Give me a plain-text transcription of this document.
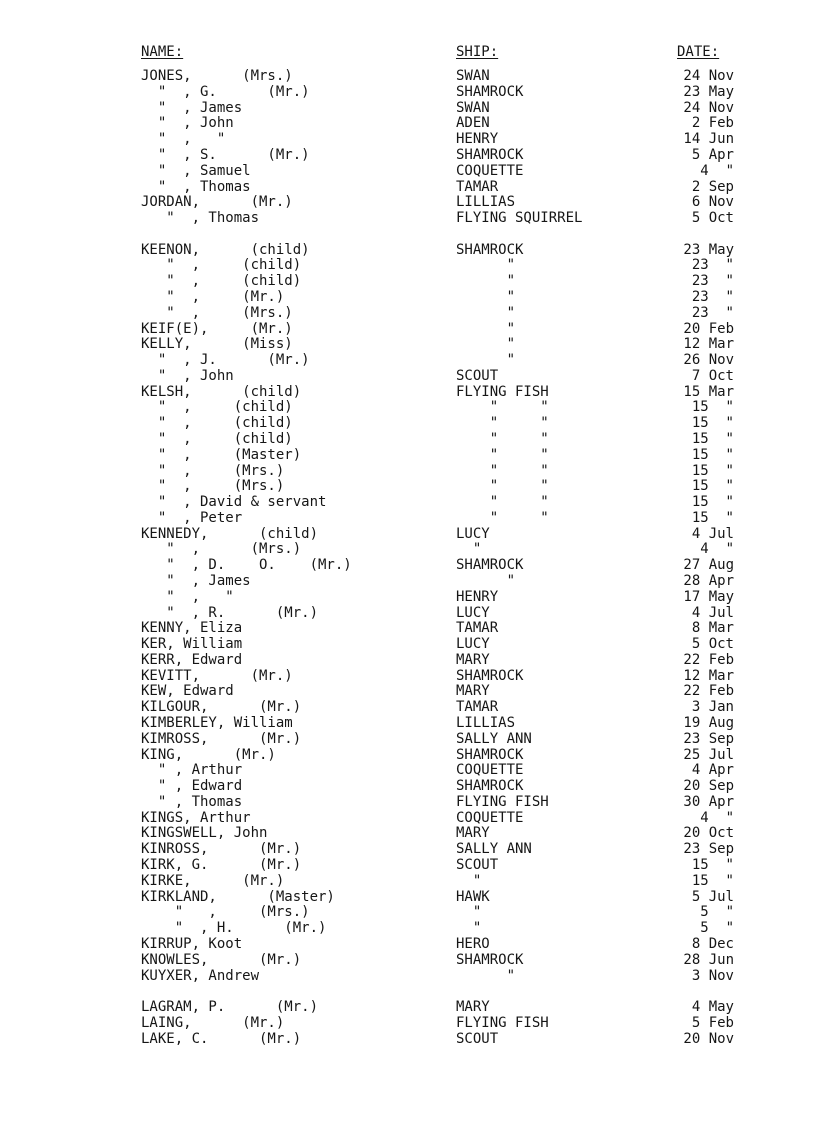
NAME:	SHIP:	DATE:
JONES,      (Mrs.)	SWAN	24 Nov
"  , G.      (Mr.)	SHAMROCK	23 May
"  , James	SWAN	24 Nov
"  , John	ADEN	2 Feb
"  ,   "	HENRY	14 Jun
"  , S.      (Mr.)	SHAMROCK	5 Apr
"  , Samuel	COQUETTE	4  "
"  , Thomas	TAMAR	2 Sep
JORDAN,      (Mr.)	LILLIAS	6 Nov
"  , Thomas	FLYING SQUIRREL	5 Oct
KEENON,      (child)	SHAMROCK	23 May
"  ,     (child)	"	23  "
"  ,     (child)	"	23  "
"  ,     (Mr.)	"	23  "
"  ,     (Mrs.)	"	23  "
KEIF(E),     (Mr.)	"	20 Feb
KELLY,      (Miss)	"	12 Mar
"  , J.      (Mr.)	"	26 Nov
"  , John	SCOUT	7 Oct
KELSH,      (child)	FLYING FISH	15 Mar
"  ,     (child)	"     "	15  "
"  ,     (child)	"     "	15  "
"  ,     (child)	"     "	15  "
"  ,     (Master)	"     "	15  "
"  ,     (Mrs.)	"     "	15  "
"  ,     (Mrs.)	"     "	15  "
"  , David & servant	"     "	15  "
"  , Peter	"     "	15  "
KENNEDY,      (child)	LUCY	4 Jul
"  ,      (Mrs.)	"	4  "
"  , D.    O.    (Mr.)	SHAMROCK	27 Aug
"  , James	"	28 Apr
"  ,   "	HENRY	17 May
"  , R.      (Mr.)	LUCY	4 Jul
KENNY, Eliza	TAMAR	8 Mar
KER, William	LUCY	5 Oct
KERR, Edward	MARY	22 Feb
KEVITT,      (Mr.)	SHAMROCK	12 Mar
KEW, Edward	MARY	22 Feb
KILGOUR,      (Mr.)	TAMAR	3 Jan
KIMBERLEY, William	LILLIAS	19 Aug
KIMROSS,      (Mr.)	SALLY ANN	23 Sep
KING,      (Mr.)	SHAMROCK	25 Jul
" , Arthur	COQUETTE	4 Apr
" , Edward	SHAMROCK	20 Sep
" , Thomas	FLYING FISH	30 Apr
KINGS, Arthur	COQUETTE	4  "
KINGSWELL, John	MARY	20 Oct
KINROSS,      (Mr.)	SALLY ANN	23 Sep
KIRK, G.      (Mr.)	SCOUT	15  "
KIRKE,      (Mr.)	"	15  "
KIRKLAND,      (Master)	HAWK	5 Jul
"   ,     (Mrs.)	"	5  "
"  , H.      (Mr.)	"	5  "
KIRRUP, Koot	HERO	8 Dec
KNOWLES,      (Mr.)	SHAMROCK	28 Jun
KUYXER, Andrew	"	3 Nov
LAGRAM, P.      (Mr.)	MARY	4 May
LAING,      (Mr.)	FLYING FISH	5 Feb
LAKE, C.      (Mr.)	SCOUT	20 Nov
